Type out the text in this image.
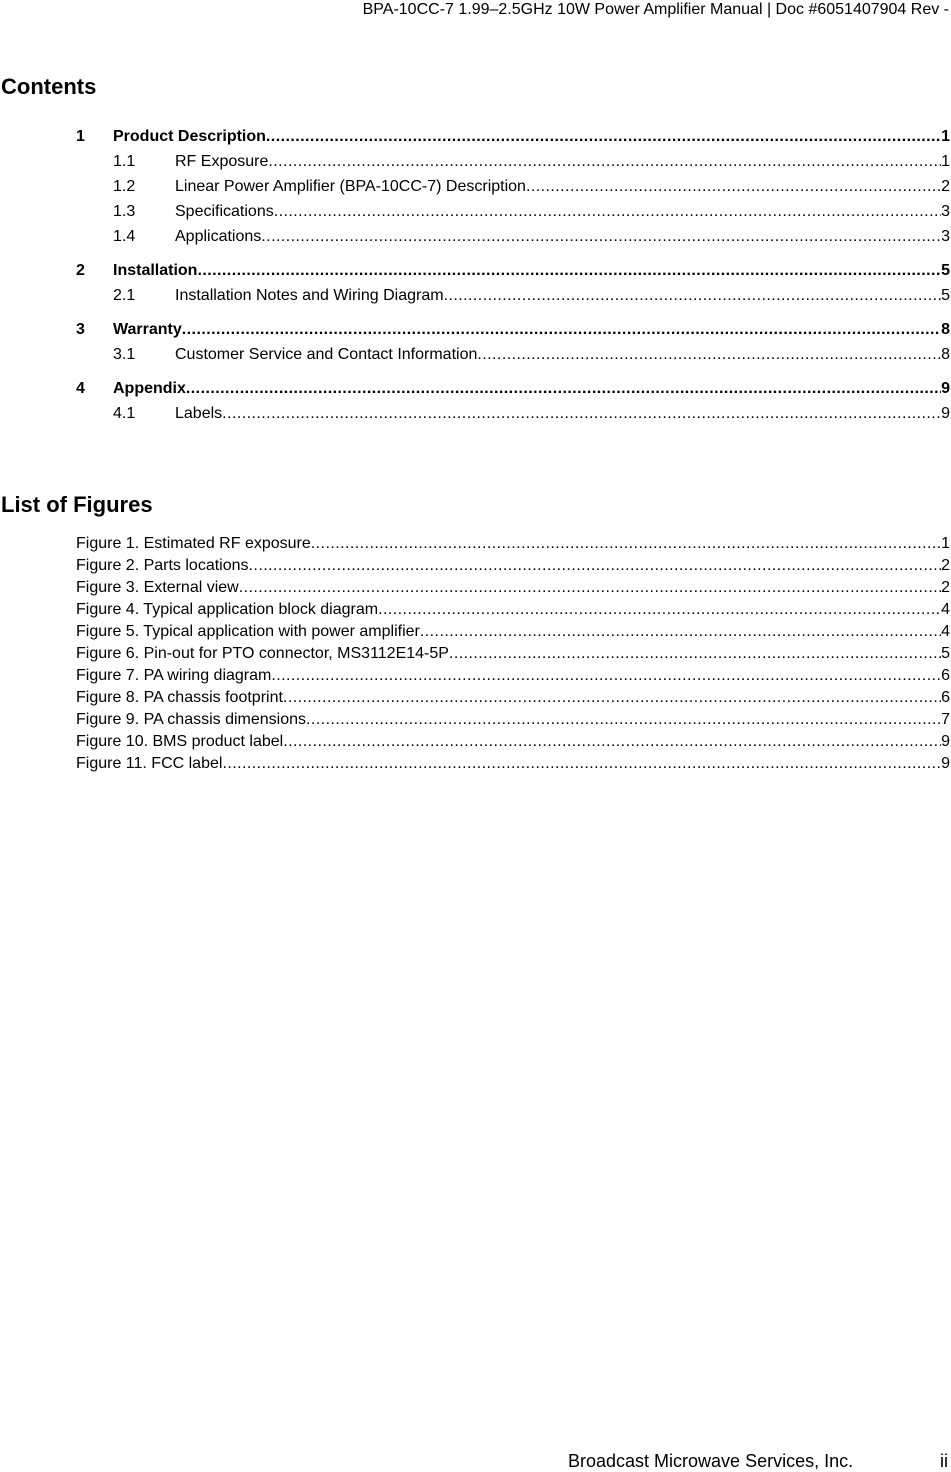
BPA-10CC-7 1.99–2.5GHz 10W Power Amplifier Manual | Doc #6051407904 Rev -
Contents
1	Product Description . . .	1
1.1	RF Exposure . . .	1
1.2	Linear Power Amplifier (BPA-10CC-7) Description . . .	2
1.3	Specifications . . .	3
1.4	Applications . . .	3
2	Installation . . .	5
2.1	Installation Notes and Wiring Diagram . . .	5
3	Warranty . . .	8
3.1	Customer Service and Contact Information . . .	8
4	Appendix . . .	9
4.1	Labels . . .	9
List of Figures
Figure 1. Estimated RF exposure . . .	1
Figure 2. Parts locations . . .	2
Figure 3. External view . . .	2
Figure 4. Typical application block diagram . . .	4
Figure 5. Typical application with power amplifier . . .	4
Figure 6. Pin-out for PTO connector, MS3112E14-5P . . .	5
Figure 7. PA wiring diagram . . .	6
Figure 8. PA chassis footprint . . .	6
Figure 9. PA chassis dimensions . . .	7
Figure 10. BMS product label . . .	9
Figure 11. FCC label . . .	9
Broadcast Microwave Services, Inc.	ii
